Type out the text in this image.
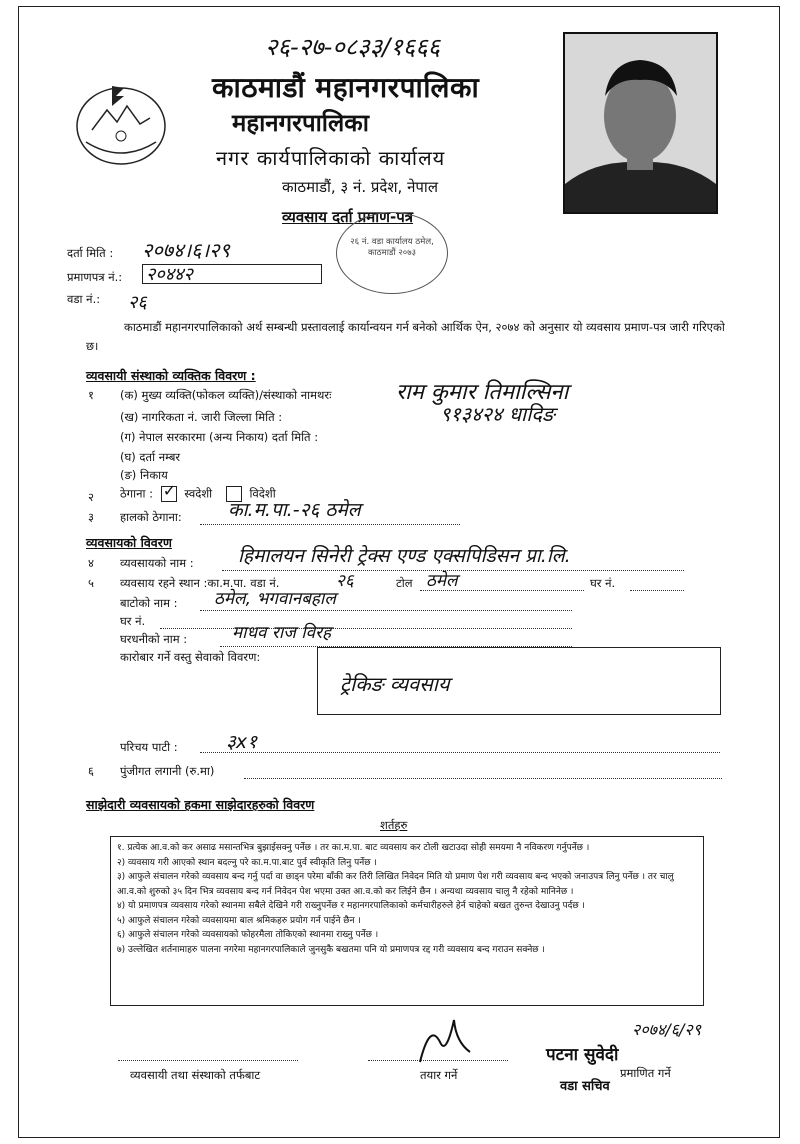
२६-२७-०८३३/१६६६
काठमाडौं महानगरपालिका
महानगरपालिका
नगर कार्यपालिकाको कार्यालय
काठमाडौं, ३ नं. प्रदेश, नेपाल
व्यवसाय दर्ता प्रमाण-पत्र
२६ नं. वडा कार्यालय ठमेल, काठमाडौं २०७३
दर्ता मिति : २०७४।६।२९
प्रमाणपत्र नं.: २०४४२
वडा नं.: २६
काठमाडौं महानगरपालिकाको अर्थ सम्बन्धी प्रस्तावलाई कार्यान्वयन गर्न बनेको आर्थिक ऐन, २०७४ को अनुसार यो व्यवसाय प्रमाण-पत्र जारी गरिएको छ।
व्यवसायी संस्थाको व्यक्तिक विवरण :
१ (क) मुख्य व्यक्ति(फोकल व्यक्ति)/संस्थाको नामथरः	राम कुमार तिमाल्सिना
(ख) नागरिकता नं. जारी जिल्ला मिति :	९१३४२४ धादिङ
(ग) नेपाल सरकारमा (अन्य निकाय) दर्ता मिति :
(घ) दर्ता नम्बर
(ङ) निकाय
२ ठेगाना : ✓ स्वदेशी	विदेशी
३ हालको ठेगाना: का.म.पा.-२६ ठमेल
व्यवसायको विवरण
४ व्यवसायको नाम : हिमालयन सिनेरी ट्रेक्स एण्ड एक्सपिडिसन प्रा.लि.
५ व्यवसाय रहने स्थान :का.म.पा. वडा नं.	२६	टोल ठमेल	घर नं.
बाटोको नाम : ठमेल, भगवानबहाल
घर नं.
घरधनीको नाम :	माधव राज विरह
कारोबार गर्ने वस्तु सेवाको विवरण:
ट्रेकिङ व्यवसाय
परिचय पाटी :	३x१
६ पुंजीगत लगानी (रु.मा)
साझेदारी व्यवसायको हकमा साझेदारहरुको विवरण
शर्तहरु
१. प्रत्येक आ.व.को कर असाढ मसान्तभित्र बुझाईसक्नु पर्नेछ । तर का.म.पा. बाट व्यवसाय कर टोली खटाउदा सोही समयमा नै नविकरण गर्नुपर्नेछ ।
२) व्यवसाय गरी आएको स्थान बदल्नु परे का.म.पा.बाट पुर्व स्वीकृति लिनु पर्नेछ ।
३) आफुले संचालन गरेको व्यवसाय बन्द गर्नु पर्दा वा छाड्न परेमा बाँकी कर तिरी लिखित निवेदन मिति यो प्रमाण पेश गरी व्यवसाय बन्द भएको जनाउपत्र लिनु पर्नेछ । तर चालु आ.व.को शुरुको ३५ दिन भित्र व्यवसाय बन्द गर्न निवेदन पेश भएमा उक्त आ.व.को कर लिईने छैन । अन्यथा व्यवसाय चालु नै रहेको मानिनेछ ।
४) यो प्रमाणपत्र व्यवसाय गरेको स्थानमा सबैले देखिने गरी राख्नुपर्नेछ र महानगरपालिकाको कर्मचारीहरुले हेर्न चाहेको बखत तुरुन्त देखाउनु पर्दछ ।
५) आफुले संचालन गरेको व्यवसायमा बाल श्रमिकहरु प्रयोग गर्न पाईने छैन ।
६) आफुले संचालन गरेको व्यवसायको फोहरमैला तोकिएको स्थानमा राख्नु पर्नेछ ।
७) उल्लेखित शर्तनामाहरु पालना नगरेमा महानगरपालिकाले जुनसुकै बखतमा पनि यो प्रमाणपत्र रद्द गरी व्यवसाय बन्द गराउन सक्नेछ ।
व्यवसायी तथा संस्थाको तर्फबाट	तयार गर्ने
पटना सुवेदी
२०७४/६/२९
प्रमाणित गर्ने
वडा सचिव
